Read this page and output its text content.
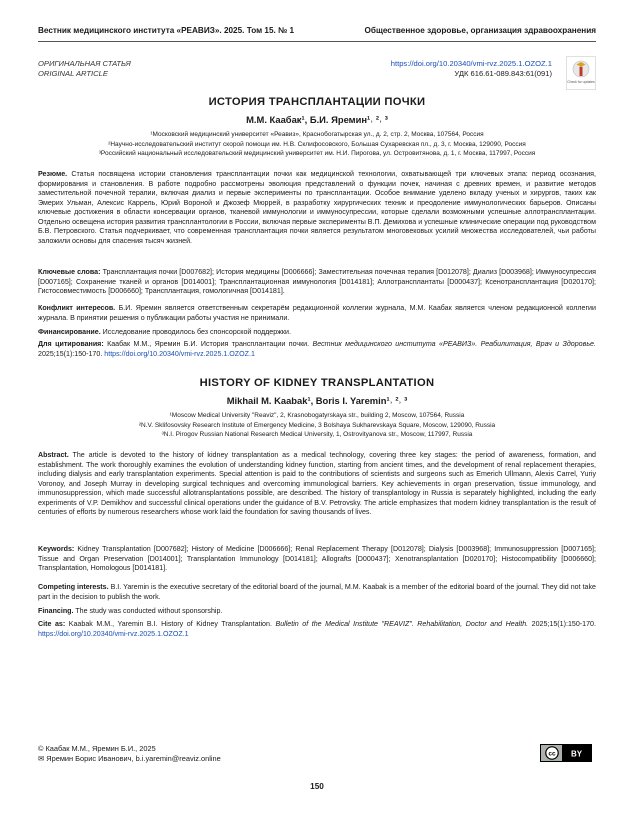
Вестник медицинского института «РЕАВИЗ». 2025. Том 15. № 1	Общественное здоровье, организация здравоохранения
ОРИГИНАЛЬНАЯ СТАТЬЯ
ORIGINAL ARTICLE
https://doi.org/10.20340/vmi-rvz.2025.1.OZOZ.1
УДК 616.61-089.843:61(091)
Check for updates
ИСТОРИЯ ТРАНСПЛАНТАЦИИ ПОЧКИ
М.М. Каабак¹, Б.И. Яремин¹˒ ²˒ ³
¹Московский медицинский университет «Реавиз», Краснобогатырская ул., д. 2, стр. 2, Москва, 107564, Россия
²Научно-исследовательский институт скорой помощи им. Н.В. Склифосовского, Большая Сухаревская пл., д. 3, г. Москва, 129090, Россия
³Российский национальный исследовательский медицинский университет им. Н.И. Пирогова, ул. Островитянова, д. 1, г. Москва, 117997, Россия
Резюме. Статья посвящена истории становления трансплантации почки как медицинской технологии, охватывающей три ключевых этапа: период осознания, формирования и становления. В работе подробно рассмотрены эволюция представлений о функции почек, начиная с древних времен, и развитие методов заместительной почечной терапии, включая диализ и первые эксперименты по трансплантации. Особое внимание уделено вкладу ученых и хирургов, таких как Эмерих Ульман, Алексис Каррель, Юрий Вороной и Джозеф Мюррей, в разработку хирургических техник и преодоление иммунологических барьеров. Описаны ключевые достижения в области консервации органов, тканевой иммунологии и иммуносупрессии, которые сделали возможными успешные аллотрансплантации. Отдельно освещена история развития трансплантологии в России, включая первые эксперименты В.П. Демихова и успешные клинические операции под руководством Б.В. Петровского. Статья подчеркивает, что современная трансплантация почки является результатом многовековых усилий множества исследователей, чьи работы заложили основы для спасения тысяч жизней.
Ключевые слова: Трансплантация почки [D007682]; История медицины [D006666]; Заместительная почечная терапия [D012078]; Диализ [D003968]; Иммуносупрессия [D007165]; Сохранение тканей и органов [D014001]; Трансплантационная иммунология [D014181]; Аллотрансплантаты [D000437]; Ксенотрансплантация [D020170]; Гистосовместимость [D006660]; Трансплантация, гомологичная [D014181].
Конфликт интересов. Б.И. Яремин является ответственным секретарём редакционной коллегии журнала, М.М. Каабак является членом редакционной коллегии журнала. В принятии решения о публикации работы участия не принимали.
Финансирование. Исследование проводилось без спонсорской поддержки.
Для цитирования: Каабак М.М., Яремин Б.И. История трансплантации почки. Вестник медицинского института «РЕАВИЗ». Реабилитация, Врач и Здоровье. 2025;15(1):150-170. https://doi.org/10.20340/vmi-rvz.2025.1.OZOZ.1
HISTORY OF KIDNEY TRANSPLANTATION
Mikhail M. Kaabak¹, Boris I. Yaremin¹˒ ²˒ ³
¹Moscow Medical University "Reaviz", 2, Krasnobogatyrskaya str., building 2, Moscow, 107564, Russia
²N.V. Sklifosovsky Research Institute of Emergency Medicine, 3 Bolshaya Sukharevskaya Square, Moscow, 129090, Russia
³N.I. Pirogov Russian National Research Medical University, 1, Ostrovityanova str., Moscow, 117997, Russia
Abstract. The article is devoted to the history of kidney transplantation as a medical technology, covering three key stages: the period of awareness, formation, and establishment. The work thoroughly examines the evolution of understanding kidney function, starting from ancient times, and the development of renal replacement therapies, including dialysis and early transplantation experiments. Special attention is paid to the contributions of scientists and surgeons such as Emerich Ullmann, Alexis Carrel, Yuriy Voronoy, and Joseph Murray in developing surgical techniques and overcoming immunological barriers. Key achievements in organ preservation, tissue immunology, and immunosuppression, which made successful allotransplantations possible, are described. The history of transplantology in Russia is separately highlighted, including the early experiments of V.P. Demikhov and successful clinical operations under the guidance of B.V. Petrovsky. The article emphasizes that modern kidney transplantation is the result of centuries of efforts by numerous researchers whose work laid the foundation for saving thousands of lives.
Keywords: Kidney Transplantation [D007682]; History of Medicine [D006666]; Renal Replacement Therapy [D012078]; Dialysis [D003968]; Immunosuppression [D007165]; Tissue and Organ Preservation [D014001]; Transplantation Immunology [D014181]; Allografts [D000437]; Xenotransplantation [D020170]; Histocompatibility [D006660]; Transplantation, Homologous [D014181].
Competing interests. B.I. Yaremin is the executive secretary of the editorial board of the journal, M.M. Kaabak is a member of the editorial board of the journal. They did not take part in the decision to publish the work.
Financing. The study was conducted without sponsorship.
Cite as: Kaabak M.M., Yaremin B.I. History of Kidney Transplantation. Bulletin of the Medical Institute "REAVIZ". Rehabilitation, Doctor and Health. 2025;15(1):150-170. https://doi.org/10.20340/vmi-rvz.2025.1.OZOZ.1
© Каабак М.М., Яремин Б.И., 2025
✉ Яремин Борис Иванович, b.i.yaremin@reaviz.online	cc BY
150
